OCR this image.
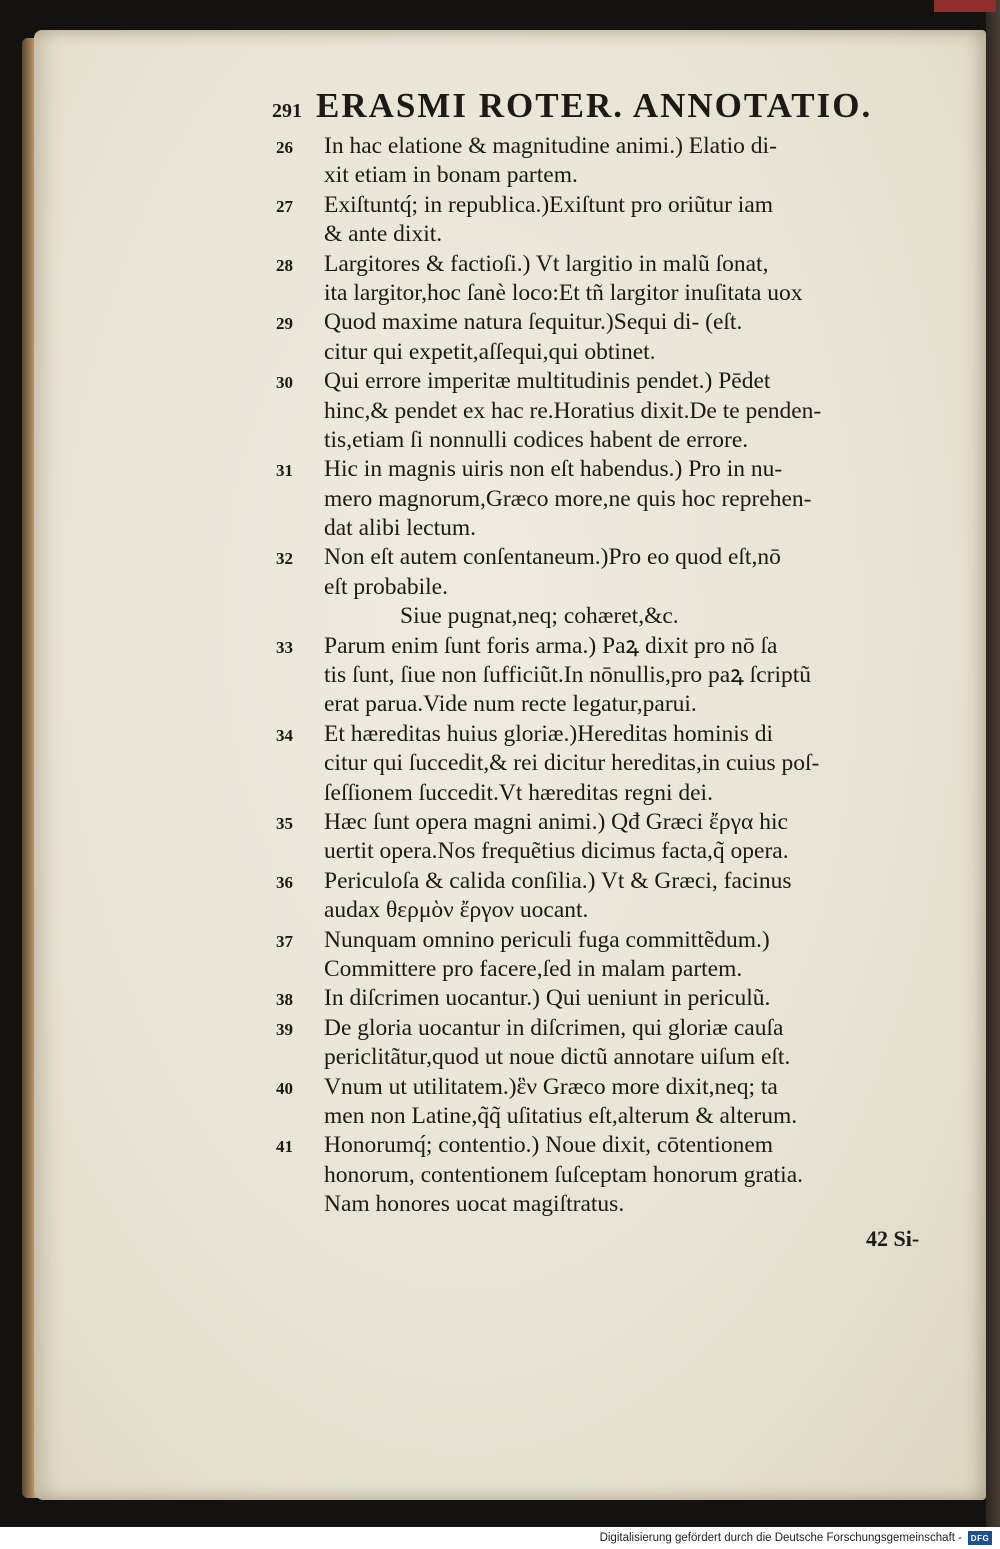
291 ERASMI ROTER. ANNOTATIO.
26 In hac elatione & magnitudine animi.) Elatio di-
xit etiam in bonam partem.
27 Exiſtuntq́; in republica.)Exiſtunt pro oriũtur iam
& ante dixit.
28 Largitores & factioſi.) Vt largitio in malũ ſonat,
ita largitor,hoc ſanè loco:Et tñ largitor inuſitata uox
29 Quod maxime natura ſequitur.)Sequi di- (eſt.
citur qui expetit,aſſequi,qui obtinet.
30 Qui errore imperitæ multitudinis pendet.) Pēdet
hinc,& pendet ex hac re.Horatius dixit.De te penden-
tis,etiam ſi nonnulli codices habent de errore.
31 Hic in magnis uiris non eſt habendus.) Pro in nu-
mero magnorum,Græco more,ne quis hoc reprehen-
dat alibi lectum.
32 Non eſt autem conſentaneum.)Pro eo quod eſt,nō
eſt probabile.
Siue pugnat,neq; cohæret,&c.
33 Parum enim ſunt foris arma.) Paꝝ dixit pro nō ſa
tis ſunt, ſiue non ſufficiũt.In nōnullis,pro paꝝ ſcriptũ
erat parua.Vide num recte legatur,parui.
34 Et hæreditas huius gloriæ.)Hereditas hominis di
citur qui ſuccedit,& rei dicitur hereditas,in cuius poſ-
ſeſſionem ſuccedit.Vt hæreditas regni dei.
35 Hæc ſunt opera magni animi.) Qđ Græci ἔργα hic
uertit opera.Nos frequẽtius dicimus facta,q̃ opera.
36 Periculoſa & calida conſilia.) Vt & Græci, facinus
audax θερμὸν ἔργον uocant.
37 Nunquam omnino periculi fuga committẽdum.)
Committere pro facere,ſed in malam partem.
38 In diſcrimen uocantur.) Qui ueniunt in periculũ.
39 De gloria uocantur in diſcrimen, qui gloriæ cauſa
periclitãtur,quod ut noue dictũ annotare uiſum eſt.
40 Vnum ut utilitatem.)ἓν Græco more dixit,neq; ta
men non Latine,q̃q̃ uſitatius eſt,alterum & alterum.
41 Honorumq́; contentio.) Noue dixit, cōtentionem
honorum, contentionem ſuſceptam honorum gratia.
Nam honores uocat magiſtratus.
42 Si-
Digitalisierung gefördert durch die Deutsche Forschungsgemeinschaft -	DFG
